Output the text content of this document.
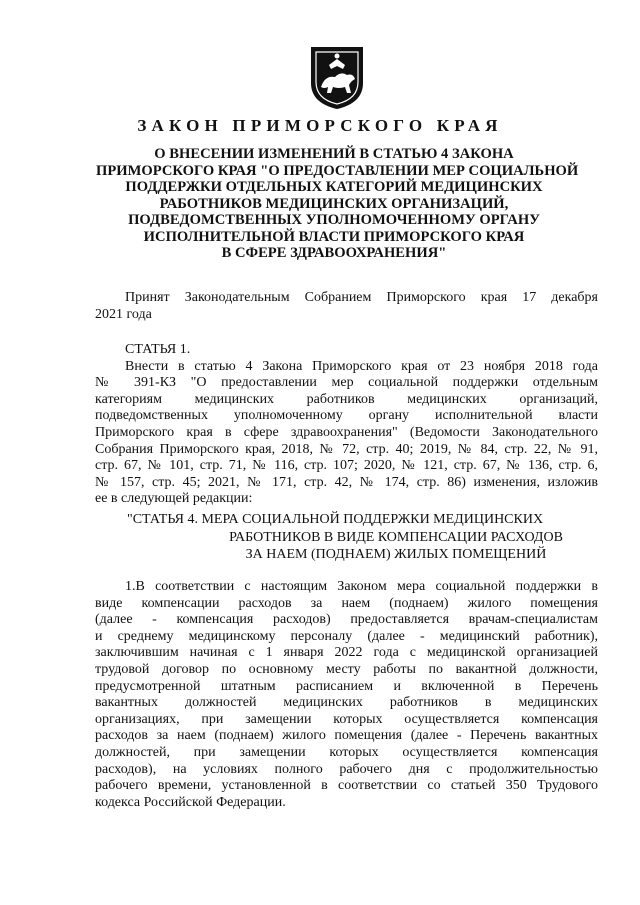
ЗАКОН ПРИМОРСКОГО КРАЯ
О ВНЕСЕНИИ ИЗМЕНЕНИЙ В СТАТЬЮ 4 ЗАКОНА
ПРИМОРСКОГО КРАЯ "О ПРЕДОСТАВЛЕНИИ МЕР СОЦИАЛЬНОЙ
ПОДДЕРЖКИ ОТДЕЛЬНЫХ КАТЕГОРИЙ МЕДИЦИНСКИХ
РАБОТНИКОВ МЕДИЦИНСКИХ ОРГАНИЗАЦИЙ,
ПОДВЕДОМСТВЕННЫХ УПОЛНОМОЧЕННОМУ ОРГАНУ
ИСПОЛНИТЕЛЬНОЙ ВЛАСТИ ПРИМОРСКОГО КРАЯ
В СФЕРЕ ЗДРАВООХРАНЕНИЯ"
Принят Законодательным Собранием Приморского края 17 декабря
2021 года
СТАТЬЯ 1.
Внести в статью 4 Закона Приморского края от 23 ноября 2018 года
№ 391-КЗ "О предоставлении мер социальной поддержки отдельным
категориям медицинских работников медицинских организаций,
подведомственных уполномоченному органу исполнительной власти
Приморского края в сфере здравоохранения" (Ведомости Законодательного
Собрания Приморского края, 2018, № 72, стр. 40; 2019, № 84, стр. 22, № 91,
стр. 67, № 101, стр. 71, № 116, стр. 107; 2020, № 121, стр. 67, № 136, стр. 6,
№ 157, стр. 45; 2021, № 171, стр. 42, № 174, стр. 86) изменения, изложив
ее в следующей редакции:
"СТАТЬЯ 4. МЕРА СОЦИАЛЬНОЙ ПОДДЕРЖКИ МЕДИЦИНСКИХ
РАБОТНИКОВ В ВИДЕ КОМПЕНСАЦИИ РАСХОДОВ
ЗА НАЕМ (ПОДНАЕМ) ЖИЛЫХ ПОМЕЩЕНИЙ
1.В соответствии с настоящим Законом мера социальной поддержки в
виде компенсации расходов за наем (поднаем) жилого помещения
(далее - компенсация расходов) предоставляется врачам-специалистам
и среднему медицинскому персоналу (далее - медицинский работник),
заключившим начиная с 1 января 2022 года с медицинской организацией
трудовой договор по основному месту работы по вакантной должности,
предусмотренной штатным расписанием и включенной в Перечень
вакантных должностей медицинских работников в медицинских
организациях, при замещении которых осуществляется компенсация
расходов за наем (поднаем) жилого помещения (далее - Перечень вакантных
должностей, при замещении которых осуществляется компенсация
расходов), на условиях полного рабочего дня с продолжительностью
рабочего времени, установленной в соответствии со статьей 350 Трудового
кодекса Российской Федерации.
